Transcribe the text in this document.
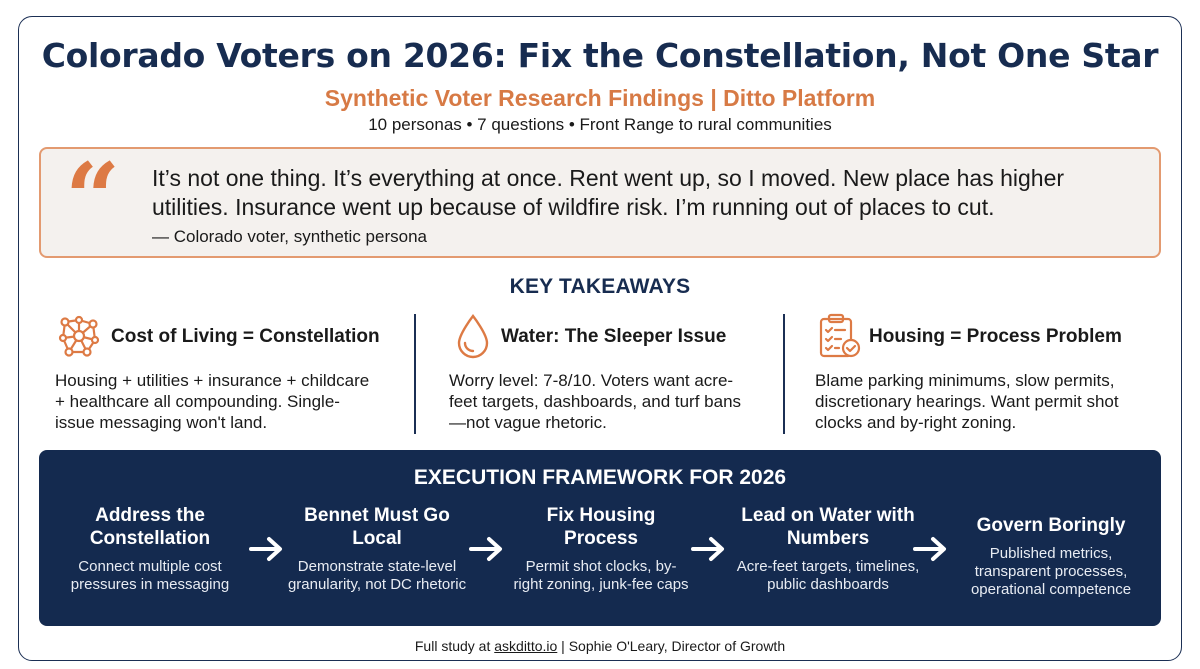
Colorado Voters on 2026: Fix the Constellation, Not One Star
Synthetic Voter Research Findings | Ditto Platform
10 personas • 7 questions • Front Range to rural communities
“ It’s not one thing. It’s everything at once. Rent went up, so I moved. New place has higher utilities. Insurance went up because of wildfire risk. I’m running out of places to cut.
— Colorado voter, synthetic persona
KEY TAKEAWAYS
Cost of Living = Constellation
Housing + utilities + insurance + childcare + healthcare all compounding. Single-issue messaging won't land.
Water: The Sleeper Issue
Worry level: 7-8/10. Voters want acre-feet targets, dashboards, and turf bans—not vague rhetoric.
Housing = Process Problem
Blame parking minimums, slow permits, discretionary hearings. Want permit shot clocks and by-right zoning.
EXECUTION FRAMEWORK FOR 2026
Address the Constellation
Connect multiple cost pressures in messaging
Bennet Must Go Local
Demonstrate state-level granularity, not DC rhetoric
Fix Housing Process
Permit shot clocks, by-right zoning, junk-fee caps
Lead on Water with Numbers
Acre-feet targets, timelines, public dashboards
Govern Boringly
Published metrics, transparent processes, operational competence
Full study at askditto.io | Sophie O'Leary, Director of Growth
